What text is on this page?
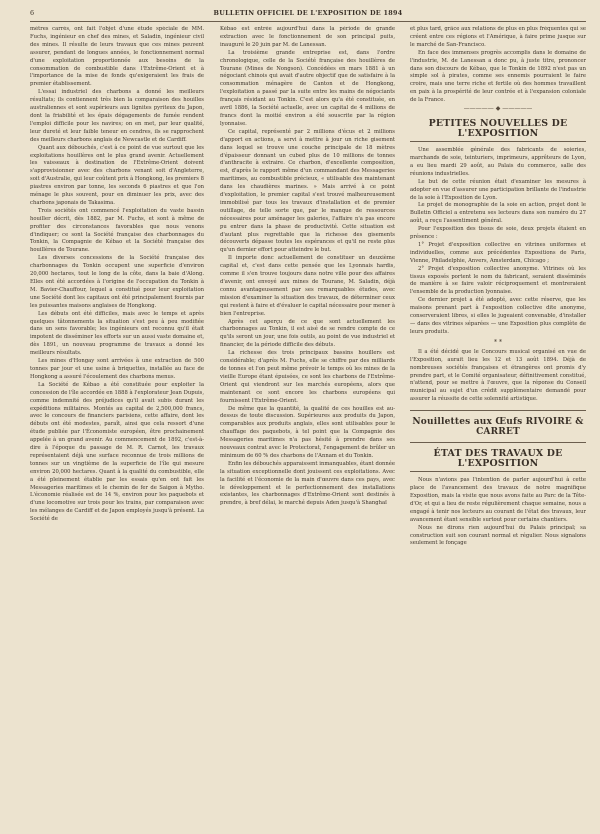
6	BULLETIN OFFICIEL DE L'EXPOSITION DE 1894

mètres carrés, ont fait l'objet d'une étude spéciale de MM. Fuchs, ingénieur en chef des mines, et Saladin, ingénieur civil des mines. Il résulte de leurs travaux que ces mines peuvent assurer, pendant de longues années, le fonctionnement normal d'une exploitation proportionnée aux besoins de la consommation de combustible dans l'Extrême-Orient et à l'importance de la mise de fonds qu'exigeraient les frais de premier établissement.

L'essai industriel des charbons a donné les meilleurs résultats; ils contiennent très bien la comparaison des houilles australiennes et sont supérieurs aux lignites pyriteux du Japon, dont la friabilité et les épais dégagements de fumée rendent l'emploi difficile pour les navires; on en met, par leur qualité, leur dureté et leur faible teneur en cendres, ils se rapprochent des meilleurs charbons anglais de Newcastle et de Cardiff.

Quant aux débouchés, c'est à ce point de vue surtout que les exploitations houillères ont le plus grand avenir. Actuellement les vaisseaux à destination de l'Extrême-Orient doivent s'approvisionner avec des charbons venant soit d'Angleterre, soit d'Australie, qui leur coûtent prix à Hongkong, les premiers 8 piastres environ par tonne, les seconds 6 piastres et que l'on ménage le plus souvent, pour en diminuer les prix, avec des charbons japonais de Takasima.

Trois sociétés ont commencé l'exploitation du vaste bassin houiller décrit, dès 1882, par M. Fuchs, et sont à même de profiter des circonstances favorables que nous venons d'indiquer; ce sont la Société française des charbonnages du Tonkin, la Compagnie de Kébao et la Société française des houillères de Tourane.

Les diverses concessions de la Société française des charbonnages du Tonkin occupent une superficie d'environ 20,000 hectares, tout le long de la côte, dans la baie d'Along. Elles ont été accordées à l'origine de l'occupation du Tonkin à M. Bavier-Chauffour, lequel a constitué pour leur exploitation une Société dont les capitaux ont été principalement fournis par les puissantes maisons anglaises de Hongkong.

Les débuts ont été difficiles, mais avec le temps et après quelques tâtonnements la situation s'est peu à peu modifiée dans un sens favorable; les ingénieurs ont reconnu qu'il était impotent de disséminer les efforts sur un aussi vaste domaine et, dès 1891, un nouveau programme de travaux a donné les meilleurs résultats.

Les mines d'Hongay sont arrivées à une extraction de 500 tonnes par jour et une usine à briquettes, installée au face de Hongkong a assuré l'écoulement des charbons menus.

La Société de Kébao a été constituée pour exploiter la concession de l'île accordée en 1888 à l'explorateur Jean Dupuis, comme indemnité des préjudices qu'il avait subis durant les expéditions militaires. Montés au capital de 2,500,000 francs, avec le concours de financiers parisiens, cette affaire, dont les débuts ont été modestes, paraît, ainsi que cela ressort d'une étude publiée par l'Économiste européen, être prochainement appelée à un grand avenir. Au commencement de 1892, c'est-à-dire à l'époque du passage de M. R. Carnot, les travaux représentaient déjà une surface reconnue de trois millions de tonnes sur un vingtième de la superficie de l'île qui mesure environ 20,000 hectares. Quant à la qualité du combustible, elle a été pleinement établie par les essais qu'en ont fait les Messageries maritimes et le chemin de fer de Saigon à Mytho. L'économie réalisée est de 14 %, environ pour les paquebots et d'une locomotive sur trois pour les trains, par comparaison avec les mélanges de Cardiff et de Japon employés jusqu'à présent. La Société de

Kébao est entrée aujourd'hui dans la période de grande extraction avec le fonctionnement de son principal puits, inauguré le 20 juin par M. de Lanessan.

La troisième grande entreprise est, dans l'ordre chronologique, celle de la Société française des houillères de Tourane (Mines de Nongson). Concédées en mars 1881 à un négociant chinois qui avait d'autre objectif que de satisfaire à la consommation ménagère de Canton et de Hongkong, l'exploitation a passé par la suite entre les mains de négociants français résidant au Tonkin. C'est alors qu'a été constituée, en avril 1886, la Société actuelle, avec un capital de 4 millions de francs dont la moitié environ a été souscrite par la région lyonnaise.

Ce capital, représenté par 2 millions d'écus et 2 millions d'apport en actions, a servi à mettre à jour un riche gisement dans lequel se trouve une couche principale de 18 mètres d'épaisseur donnant un cubed plus de 10 millions de tonnes d'anthracite à extraire. Ce charbon, d'excellente composition, est, d'après le rapport même d'un commandant des Messageries maritimes, au combustible précieux, « utilisable des maintenant dans les chaudières marines. » Mais arrivé à ce point d'exploitation, le premier capital s'est trouvé malheureusement immobilisé par tous les travaux d'installation et de premier outillage, de telle sorte que, par le manque de ressources nécessaires pour aménager les galeries, l'affaire n'a pas encore pu entrer dans la phase de productivité. Cette situation est d'autant plus regrettable que la richesse des gisements découverts dépasse toutes les espérances et qu'il ne reste plus qu'un dernier effort pour atteindre le but.

Il importe donc actuellement de constituer un deuxième capital et, c'est dans cette pensée que les Lyonnais hardis, comme il s'en trouve toujours dans notre ville pour des affaires d'avenir, ont envoyé aux mines de Tourane, M. Saladin, déjà connu avantageusement par ses remarquables études, avec mission d'examiner la situation des travaux, de déterminer ceux qui restent à faire et d'évaluer le capital nécessaire pour mener à bien l'entreprise.

Après cet aperçu de ce que sont actuellement les charbonnages au Tonkin, il est aisé de se rendre compte de ce qu'ils seront un jour, une fois outils, au point de vue industriel et financier, de la période difficile des débuts.

La richesse des trois principaux bassins houillers est considérable; d'après M. Fuchs, elle se chiffre par des milliards de tonnes et l'on peut même prévoir le temps où les mines de la vieille Europe étant épuisées, ce sont les charbons de l'Extrême-Orient qui viendront sur les marchés européens, alors que maintenant ce sont encore les charbons européens qui fournissent l'Extrême-Orient.

De même que la quantité, la qualité de ces houilles est au-dessus de toute discussion. Supérieures aux produits du Japon, comparables aux produits anglais, elles sont utilisables pour le chauffage des paquebots, à tel point que la Compagnie des Messageries maritimes n'a pas hésité à prendre dans ses nouveaux contrat avec le Protectorat, l'engagement de brûler un minimum de 60 % des charbons de l'Annam et du Tonkin.

Enfin les débouchés apparaissent inmanquables, étant donnée la situation exceptionnelle dont jouissent ces exploitations. Avec la facilité et l'économie de la main d'œuvre dans ces pays, avec le développement et le perfectionnement des installations existantes, les charbonnages d'Extrême-Orient sont destinés à prendre, à bref délai, le marché depuis Aden jusqu'à Shanghaï

et plus tard, grâce aux relations de plus en plus fréquentes qui se créent entre ces régions et l'Amérique, à faire prime jusque sur le marché de San-Francisco.

En face des immenses progrès accomplis dans le domaine de l'industrie, M. de Lanessan a donc pu, à juste titre, prononcer dans son discours de Kébao, que le Tonkin de 1892 n'est pas un simple sol à pirates, comme ses ennemis pourraient le faire croire, mais une terre riche et fertile où des hommes travaillent en paix à la prospérité de leur contrée et à l'expansion coloniale de la France.

————— ◆ —————
PETITES NOUVELLES DE L'EXPOSITION

Une assemblée générale des fabricants de soieries, marchands de soie, teinturiers, imprimeurs, apprêteurs de Lyon, a eu lieu mardi 29 août, au Palais du commerce, salle des réunions industrielles.

Le but de cette réunion était d'examiner les mesures à adopter en vue d'assurer une participation brillante de l'industrie de la soie à l'Exposition de Lyon.

Le projet de monographie de la soie en action, projet dont le Bulletin Officiel a entretenu ses lecteurs dans son numéro du 27 août, a reçu l'assentiment général.

Pour l'exposition des tissus de soie, deux projets étaient en présence :

1° Projet d'exposition collective en vitrines uniformes et individuelles, comme aux précédentes Expositions de Paris, Vienne, Philadelphie, Anvers, Amsterdam, Chicago ;

2° Projet d'exposition collective anonyme. Vitrines où les tissus exposés portent le nom du fabricant, seraient disséminés de manière à se faire valoir réciproquement et montreraient l'ensemble de la production lyonnaise.

Ce dernier projet a été adopté, avec cette réserve, que les maisons prenant part à l'exposition collective dite anonyme, conserveraient libres, si elles le jugeaient convenable, d'installer — dans des vitrines séparées — une Exposition plus complète de leurs produits.

* *

Il a été décidé que le Concours musical organisé en vue de l'Exposition, aurait lieu les 12 et 13 août 1894. Déjà de nombreuses sociétés françaises et étrangères ont promis d'y prendre part, et le Comité organisateur, définitivement constitué, n'attend, pour se mettre à l'œuvre, que la réponse du Conseil municipal au sujet d'un crédit supplémentaire demandé pour assurer la réussite de cette solennité artistique.

Nouillettes aux Œufs RIVOIRE & CARRET
ÉTAT DES TRAVAUX DE L'EXPOSITION

Nous n'avions pas l'intention de parler aujourd'hui à cette place de l'avancement des travaux de notre magnifique Exposition, mais la visite que nous avons faite au Parc de la Tête-d'Or, et qui a lieu de reste régulièrement chaque semaine, nous a engagé à tenir nos lecteurs au courant de l'état des travaux, leur avancement étant sensible surtout pour certains chantiers.

Nous ne dirons rien aujourd'hui du Palais principal; sa construction suit son courant normal et régulier. Nous signalons seulement le fonçage
